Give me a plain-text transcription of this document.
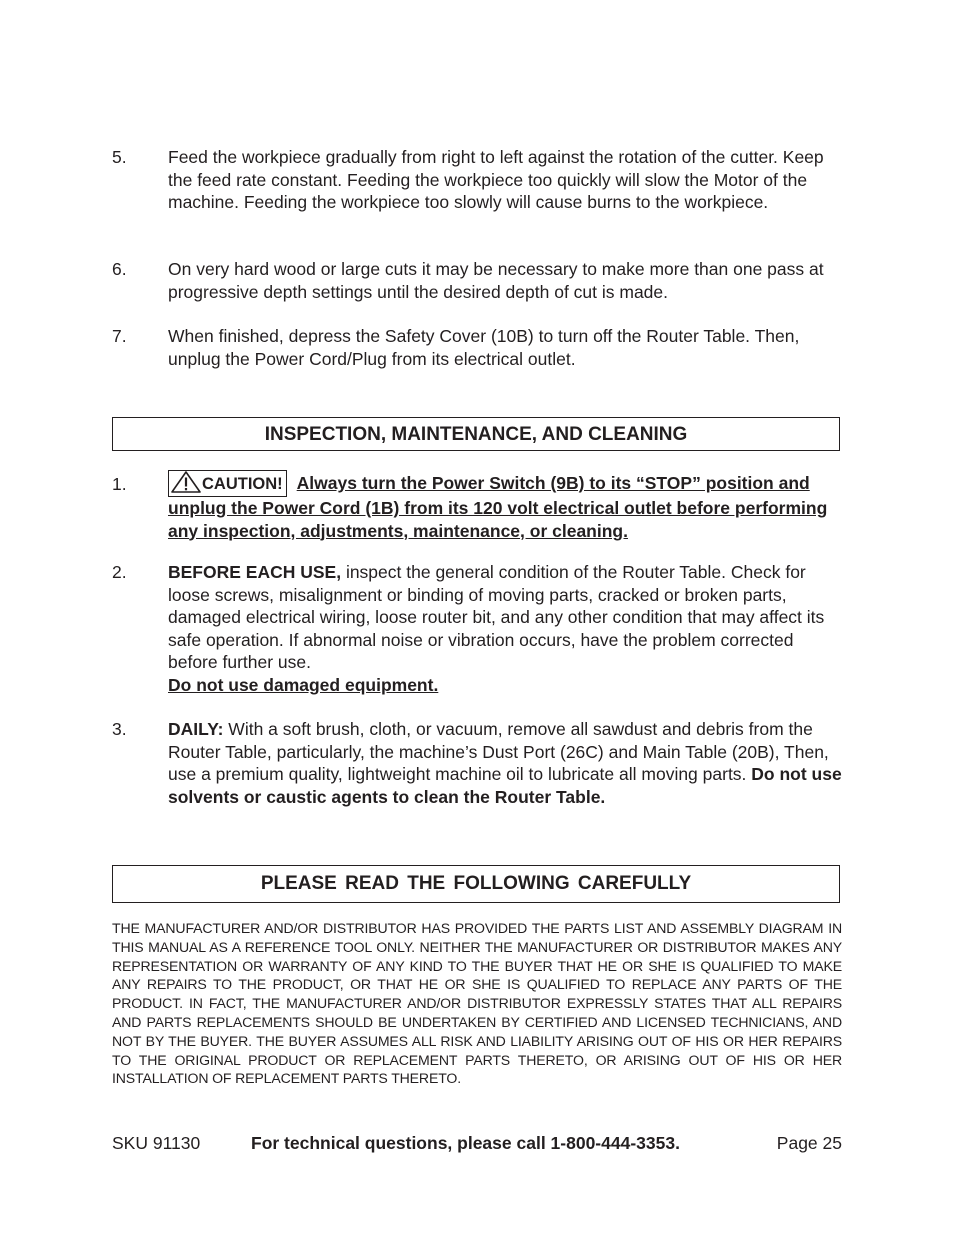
5. Feed the workpiece gradually from right to left against the rotation of the cutter. Keep the feed rate constant. Feeding the workpiece too quickly will slow the Motor of the machine. Feeding the workpiece too slowly will cause burns to the workpiece.
6. On very hard wood or large cuts it may be necessary to make more than one pass at progressive depth settings until the desired depth of cut is made.
7. When finished, depress the Safety Cover (10B) to turn off the Router Table. Then, unplug the Power Cord/Plug from its electrical outlet.
INSPECTION, MAINTENANCE, AND CLEANING
1.	CAUTION! Always turn the Power Switch (9B) to its “STOP” position and unplug the Power Cord (1B) from its 120 volt electrical outlet before performing any inspection, adjustments, maintenance, or cleaning.
2. BEFORE EACH USE, inspect the general condition of the Router Table. Check for loose screws, misalignment or binding of moving parts, cracked or broken parts, damaged electrical wiring, loose router bit, and any other condition that may affect its safe operation. If abnormal noise or vibration occurs, have the problem corrected before further use.
Do not use damaged equipment.
3. DAILY: With a soft brush, cloth, or vacuum, remove all sawdust and debris from the Router Table, particularly, the machine’s Dust Port (26C) and Main Table (20B), Then, use a premium quality, lightweight machine oil to lubricate all moving parts. Do not use solvents or caustic agents to clean the Router Table.
PLEASE READ THE FOLLOWING CAREFULLY
THE MANUFACTURER AND/OR DISTRIBUTOR HAS PROVIDED THE PARTS LIST AND ASSEMBLY DIAGRAM IN THIS MANUAL AS A REFERENCE TOOL ONLY. NEITHER THE MANUFACTURER OR DISTRIBUTOR MAKES ANY REPRESENTATION OR WARRANTY OF ANY KIND TO THE BUYER THAT HE OR SHE IS QUALIFIED TO MAKE ANY REPAIRS TO THE PRODUCT, OR THAT HE OR SHE IS QUALIFIED TO REPLACE ANY PARTS OF THE PRODUCT. IN FACT, THE MANUFACTURER AND/OR DISTRIBUTOR EXPRESSLY STATES THAT ALL REPAIRS AND PARTS REPLACEMENTS SHOULD BE UNDERTAKEN BY CERTIFIED AND LICENSED TECHNICIANS, AND NOT BY THE BUYER. THE BUYER ASSUMES ALL RISK AND LIABILITY ARISING OUT OF HIS OR HER REPAIRS TO THE ORIGINAL PRODUCT OR REPLACEMENT PARTS THERETO, OR ARISING OUT OF HIS OR HER INSTALLATION OF REPLACEMENT PARTS THERETO.
SKU 91130	For technical questions, please call 1-800-444-3353.	Page 25
